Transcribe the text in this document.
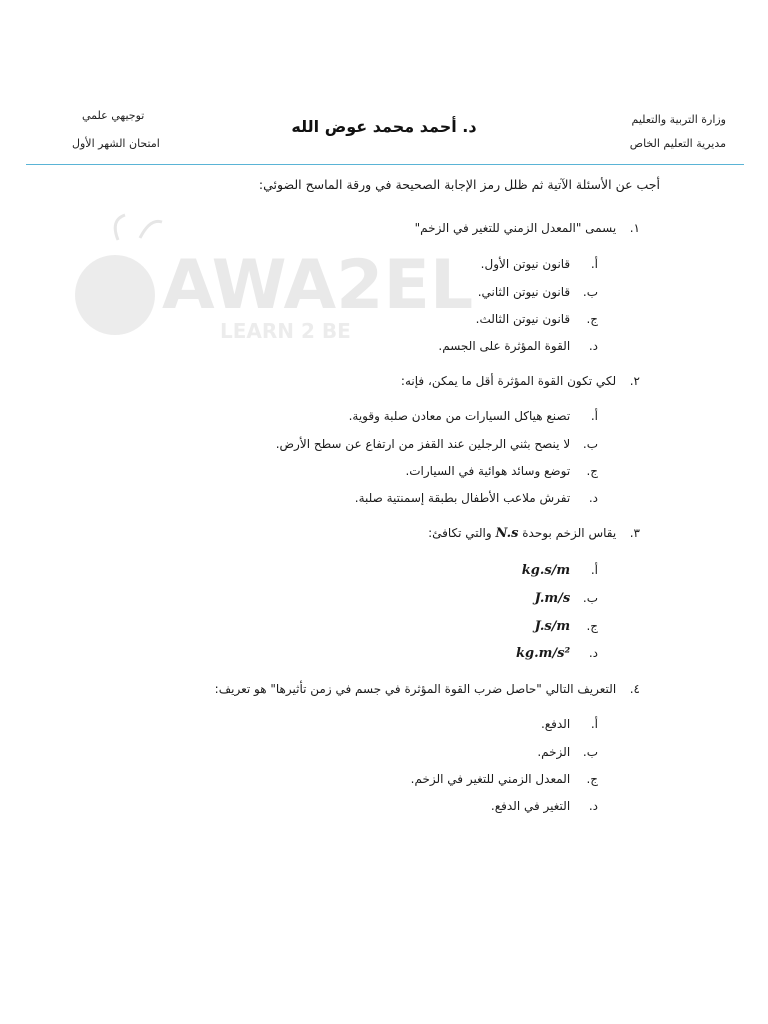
وزارة التربية والتعليم
مديرية التعليم الخاص
د. أحمد محمد عوض الله
توجيهي علمي
امتحان الشهر الأول
AWA2EL
LEARN 2 BE
أجب عن الأسئلة الآتية ثم ظلل رمز الإجابة الصحيحة في ورقة الماسح الضوئي:
١. يسمى "المعدل الزمني للتغير في الزخم"
أ. قانون نيوتن الأول.
ب. قانون نيوتن الثاني.
ج. قانون نيوتن الثالث.
د. القوة المؤثرة على الجسم.
٢. لكي تكون القوة المؤثرة أقل ما يمكن، فإنه:
أ. تصنع هياكل السيارات من معادن صلبة وقوية.
ب. لا ينصح بثني الرجلين عند القفز من ارتفاع عن سطح الأرض.
ج. توضع وسائد هوائية في السيارات.
د. تفرش ملاعب الأطفال بطبقة إسمنتية صلبة.
٣. يقاس الزخم بوحدة N.s والتي تكافئ:
أ. kg.s/m
ب. J.m/s
ج. J.s/m
د. kg.m/s²
٤. التعريف التالي "حاصل ضرب القوة المؤثرة في جسم في زمن تأثيرها" هو تعريف:
أ. الدفع.
ب. الزخم.
ج. المعدل الزمني للتغير في الزخم.
د. التغير في الدفع.
